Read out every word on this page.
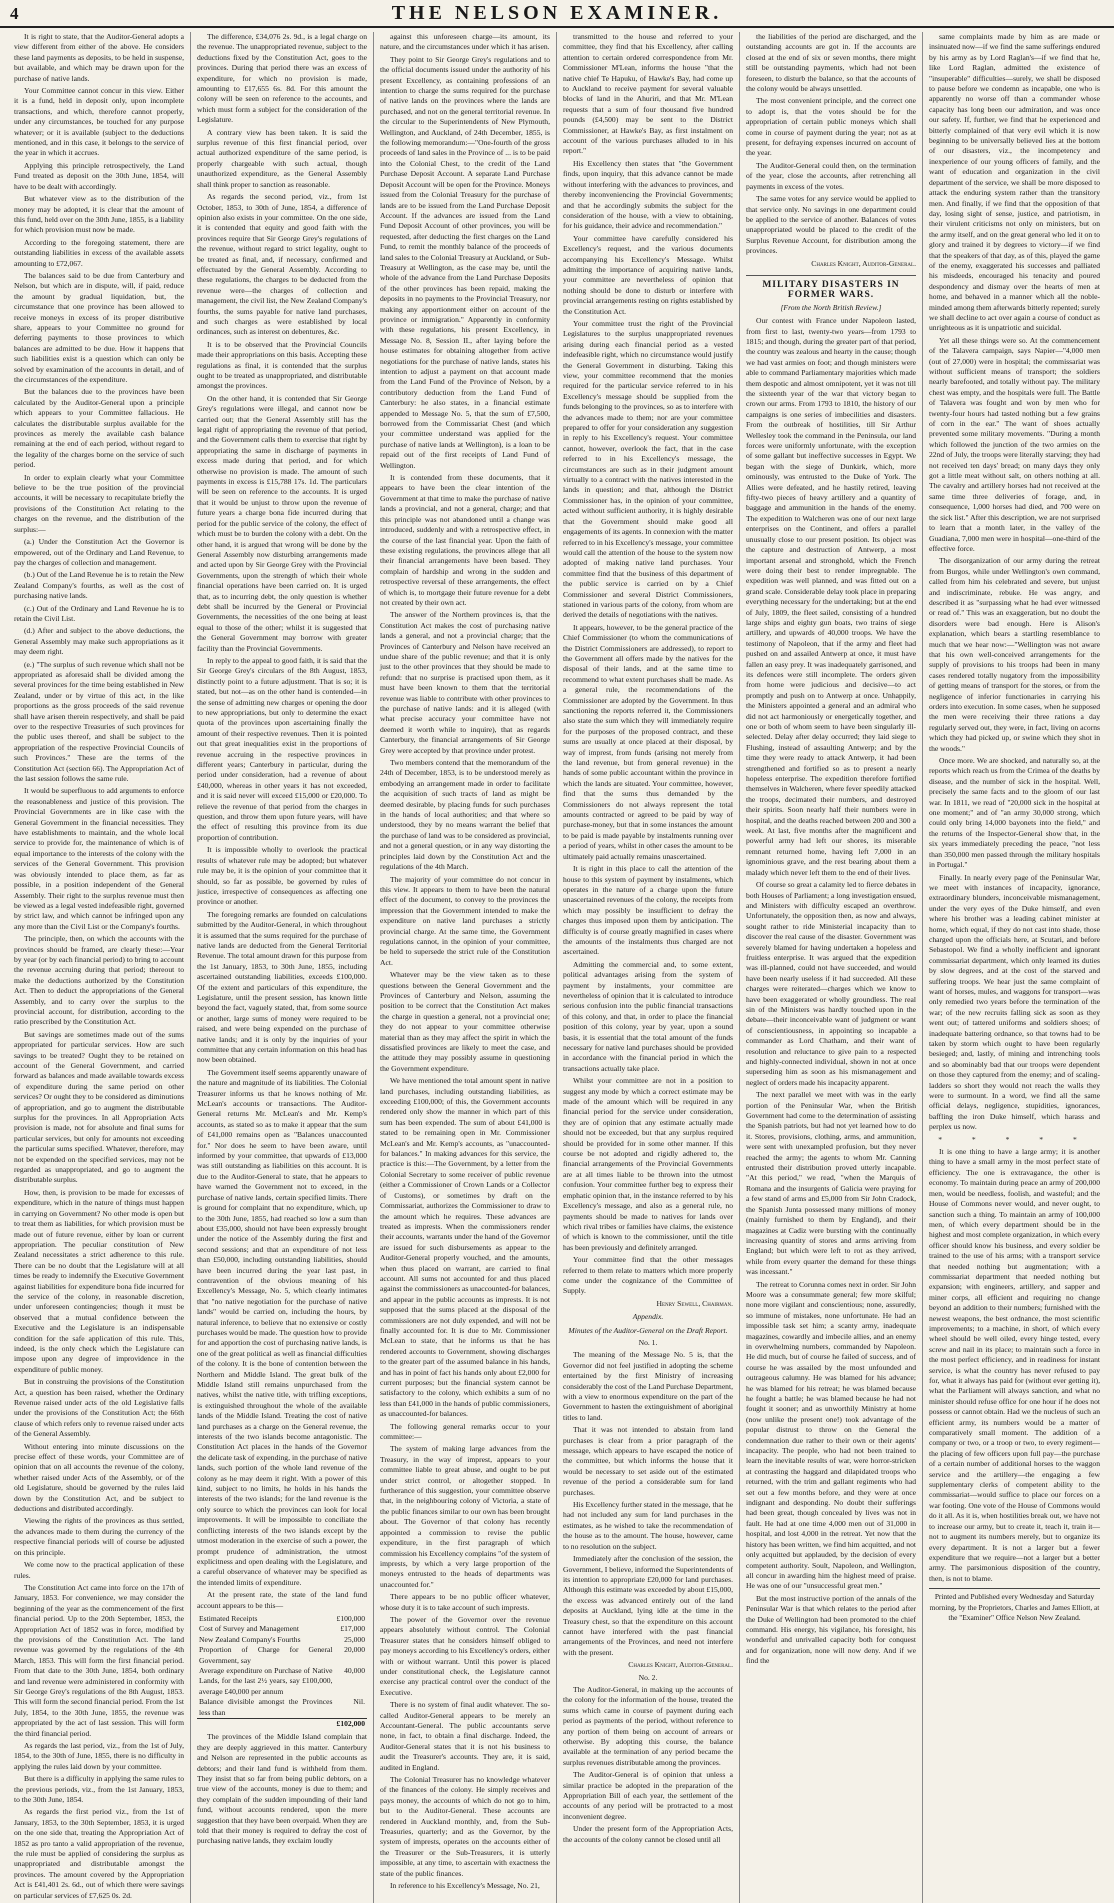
4	THE NELSON EXAMINER.

It is right to state, that the Auditor-General adopts a view different from either of the above. He considers these land payments as deposits, to be held in suspense, but available, and which may be drawn upon for the purchase of native lands.

Your Committee cannot concur in this view. Either it is a fund, held in deposit only, upon incomplete transactions, and which, therefore cannot properly, under any circumstances, be touched for any purpose whatever; or it is available (subject to the deductions mentioned, and in this case, it belongs to the service of the year in which it accrues.

Applying this principle retrospectively, the Land Fund treated as deposit on the 30th June, 1854, will have to be dealt with accordingly.

But whatever view as to the distribution of the money may be adopted, it is clear that the amount of this fund, held over on the 30th June, 1855, is a liability for which provision must now be made.

According to the foregoing statement, there are outstanding liabilities in excess of the available assets amounting to £72,067.

The balances said to be due from Canterbury and Nelson, but which are in dispute, will, if paid, reduce the amount by gradual liquidation, but, the circumstance that one province has been allowed to receive moneys in excess of its proper distributive share, appears to your Committee no ground for deferring payments to those provinces to which balances are admitted to be due. How it happens that such liabilities exist is a question which can only be solved by examination of the accounts in detail, and of the circumstances of the expenditure.

But the balances due to the provinces have been calculated by the Auditor-General upon a principle which appears to your Committee fallacious. He calculates the distributable surplus available for the provinces as merely the available cash balance remaining at the end of each period, without regard to the legality of the charges borne on the service of such period.

In order to explain clearly what your Committee believe to be the true position of the provincial accounts, it will be necessary to recapitulate briefly the provisions of the Constitution Act relating to the charges on the revenue, and the distribution of the surplus:—

(a.) Under the Constitution Act the Governor is empowered, out of the Ordinary and Land Revenue, to pay the charges of collection and management.

(b.) Out of the Land Revenue he is to retain the New Zealand Company's fourths, as well as the cost of purchasing native lands.

(c.) Out of the Ordinary and Land Revenue he is to retain the Civil List.

(d.) After and subject to the above deductions, the General Assembly may make such appropriations as it may deem right.

(e.) "The surplus of such revenue which shall not be appropriated as aforesaid shall be divided among the several provinces for the time being established in New Zealand, under or by virtue of this act, in the like proportions as the gross proceeds of the said revenue shall have arisen therein respectively, and shall be paid over to the respective Treasuries of such provinces for the public uses thereof, and shall be subject to the appropriation of the respective Provincial Councils of such Provinces." These are the terms of the Constitution Act (section 66). The Appropriation Act of the last session follows the same rule.

It would be superfluous to add arguments to enforce the reasonableness and justice of this provision. The Provincial Governments are in like case with the General Government in the financial necessities. They have establishments to maintain, and the whole local service to provide for, the maintenance of which is of equal importance to the interests of the colony with the services of the General Government. This provision was obviously intended to place them, as far as possible, in a position independent of the General Assembly. Their right to the surplus revenue must then be viewed as a legal vested indefeasible right, governed by strict law, and which cannot be infringed upon any any more than the Civil List or the Company's fourths.

The principle, then, on which the accounts with the provinces should be framed, are clearly these:—Year by year (or by each financial period) to bring to account the revenue accruing during that period; thereout to make the deductions authorized by the Constitution Act. Then to deduct the appropriations of the General Assembly, and to carry over the surplus to the provincial account, for distribution, according to the ratio prescribed by the Constitution Act.

But savings are sometimes made out of the sums appropriated for particular services. How are such savings to be treated? Ought they to be retained on account of the General Government, and carried forward as balances and made available towards excess of expenditure during the same period on other services? Or ought they to be considered as diminutions of appropriation, and go to augment the distributable surplus for the provinces. In all Appropriation Acts provision is made, not for absolute and final sums for particular services, but only for amounts not exceeding the particular sums specified. Whatever, therefore, may not be expended on the specified services, may not be regarded as unappropriated, and go to augment the distributable surplus.

How, then, is provision to be made for excesses of expenditure, which in the nature of things must happen in carrying on Government? No other mode is open but to treat them as liabilities, for which provision must be made out of future revenue, either by loan or current appropriation. The peculiar constitution of New Zealand necessitates a strict adherence to this rule. There can be no doubt that the Legislature will at all times be ready to indemnify the Executive Government against liabilities for expenditure bona fide incurred for the service of the colony, in reasonable discretion, under unforeseen contingencies; though it must be observed that a mutual confidence between the Executive and the Legislature is an indispensable condition for the safe application of this rule. This, indeed, is the only check which the Legislature can impose upon any degree of improvidence in the expenditure of public money.

But in construing the provisions of the Constitution Act, a question has been raised, whether the Ordinary Revenue raised under acts of the old Legislative falls under the provisions of the Constitution Act; the 66th clause of which refers only to revenue raised under acts of the General Assembly.

Without entering into minute discussions on the precise effect of these words, your Committee are of opinion that on all accounts the revenue of the colony, whether raised under Acts of the Assembly, or of the old Legislature, should be governed by the rules laid down by the Constitution Act, and be subject to deductions and distributed accordingly.

Viewing the rights of the provinces as thus settled, the advances made to them during the currency of the respective financial periods will of course be adjusted on this principle.

We come now to the practical application of these rules.

The Constitution Act came into force on the 17th of January, 1853. For convenience, we may consider the beginning of the year as the commencement of the first financial period. Up to the 20th September, 1853, the Appropriation Act of 1852 was in force, modified by the provisions of the Constitution Act. The land revenue was governed by the regulations of the 4th March, 1853. This will form the first financial period. From that date to the 30th June, 1854, both ordinary and land revenue were administered in conformity with Sir George Grey's regulations of the 8th August, 1853. This will form the second financial period. From the 1st July, 1854, to the 30th June, 1855, the revenue was appropriated by the act of last session. This will form the third financial period.

As regards the last period, viz., from the 1st of July, 1854, to the 30th of June, 1855, there is no difficulty in applying the rules laid down by your committee.

But there is a difficulty in applying the same rules to the previous periods, viz., from the 1st January, 1853, to the 30th June, 1854.

As regards the first period viz., from the 1st of January, 1853, to the 30th September, 1853, it is urged on the one side that, treating the Appropriation Act of 1852 as pro tanto a valid appropriation of the revenue, the rule must be applied of considering the surplus as unappropriated and distributable amongst the provinces. The amount covered by the Appropriation Act is £41,401 2s. 6d., out of which there were savings on particular services of £7,625 0s. 2d.

The difference, £34,076 2s. 9d., is a legal charge on the revenue. The unappropriated revenue, subject to the deductions fixed by the Constitution Act, goes to the provinces. During that period there was an excess of expenditure, for which no provision is made, amounting to £17,655 6s. 8d. For this amount the colony will be seen on reference to the accounts, and which must form a subject for the consideration of the Legislature.

A contrary view has been taken. It is said the surplus revenue of this first financial period, over actual authorized expenditure of the same period, is properly chargeable with such actual, though unauthorized expenditure, as the General Assembly shall think proper to sanction as reasonable.

As regards the second period, viz., from 1st October, 1853, to 30th of June, 1854, a difference of opinion also exists in your committee. On the one side, it is contended that equity and good faith with the provinces require that Sir George Grey's regulations of the revenue, without regard to strict legality, ought to be treated as final, and, if necessary, confirmed and effectuated by the General Assembly. According to these regulations, the charges to be deducted from the revenue were—the charges of collection and management, the civil list, the New Zealand Company's fourths, the sums payable for native land purchases, and such charges as were established by local ordinances, such as interest on debentures, &c.

It is to be observed that the Provincial Councils made their appropriations on this basis. Accepting these regulations as final, it is contended that the surplus ought to be treated as unappropriated, and distributable amongst the provinces.

On the other hand, it is contended that Sir George Grey's regulations were illegal, and cannot now be carried out; that the General Assembly still has the legal right of appropriating the revenue of that period, and the Government calls them to exercise that right by appropriating the same in discharge of payments in excess made during that period, and for which otherwise no provision is made. The amount of such payments in excess is £15,788 17s. 1d. The particulars will be seen on reference to the accounts. It is urged that it would be unjust to throw upon the revenue of future years a charge bona fide incurred during that period for the public service of the colony, the effect of which must be to burden the colony with a debt. On the other hand, it is argued that wrong will be done by the General Assembly now disturbing arrangements made and acted upon by Sir George Grey with the Provincial Governments, upon the strength of which their whole financial operations have been carried on. It is urged that, as to incurring debt, the only question is whether debt shall be incurred by the General or Provincial Governments, the necessities of the one being at least equal to those of the other; whilst it is suggested that the General Government may borrow with greater facility than the Provincial Governments.

In reply to the appeal to good faith, it is said that the Sir George Grey's circulars of the 8th August, 1853, distinctly point to a future adjustment. That is so; it is stated, but not—as on the other hand is contended—in the sense of admitting new charges or opening the door to new appropriations, but only to determine the exact quota of the provinces upon ascertaining finally the amount of their respective revenues. Then it is pointed out that great inequalities exist in the proportions of revenue accruing in the respective provinces in different years; Canterbury in particular, during the period under consideration, had a revenue of about £40,000, whereas in other years it has not exceeded, and it is said never will exceed £15,000 or £20,000. To relieve the revenue of that period from the charges in question, and throw them upon future years, will have the effect of resulting this province from its due proportion of contribution.

It is impossible wholly to overlook the practical results of whatever rule may be adopted; but whatever rule may be, it is the opinion of your committee that it should, so far as possible, be governed by rules of justice, irrespective of consequences as affecting one province or another.

The foregoing remarks are founded on calculations submitted by the Auditor-General, in which throughout it is assumed that the sums required for the purchase of native lands are deducted from the General Territorial Revenue. The total amount drawn for this purpose from the 1st January, 1853, to 30th June, 1855, including ascertained outstanding liabilities, exceeds £100,000. Of the extent and particulars of this expenditure, the Legislature, until the present session, has known little beyond the fact, vaguely stated, that, from some source or another, large sums of money were required to be raised, and were being expended on the purchase of native lands; and it is only by the inquiries of your committee that any certain information on this head has now been obtained.

The Government itself seems apparently unaware of the nature and magnitude of its liabilities. The Colonial Treasurer informs us that he knows nothing of Mr. McLean's accounts or transactions. The Auditor-General returns Mr. McLean's and Mr. Kemp's accounts, as stated so as to make it appear that the sum of £41,000 remains open as "Balances unaccounted for." Nor does he seem to have been aware, until informed by your committee, that upwards of £13,000 was still outstanding as liabilities on this account. It is due to the Auditor-General to state, that he appears to have warned the Government not to exceed, in the purchase of native lands, certain specified limits. There is ground for complaint that no expenditure, which, up to the 30th June, 1855, had reached so low a sum than about £35,000, should not have been expressly brought under the notice of the Assembly during the first and second sessions; and that an expenditure of not less than £50,000, including outstanding liabilities, should have been incurred during the year last past, in contravention of the obvious meaning of his Excellency's Message, No. 5, which clearly intimates that "no native negotiation for the purchase of native lands" would be carried on, including the hours, by natural inference, to believe that no extensive or costly purchases would be made. The question how to provide for and apportion the cost of purchasing native lands, is one of the great political as well as financial difficulties of the colony. It is the bone of contention between the Northern and Middle Island. The great bulk of the Middle Island still remains unpurchased from the natives, whilst the native title, with trifling exceptions, is extinguished throughout the whole of the available lands of the Middle Island. Treating the cost of native land purchases as a charge on the General revenue, the interests of the two islands become antagonistic. The Constitution Act places in the hands of the Governor the delicate task of expending, in the purchase of native lands, such portion of the whole land revenue of the colony as he may deem it right. With a power of this kind, subject to no limits, he holds in his hands the interests of the two islands; for the land revenue is the only source to which the provinces can look for local improvements. It will be impossible to conciliate the conflicting interests of the two islands except by the utmost moderation in the exercise of such a power, the prompt prudence of administration, the utmost explicitness and open dealing with the Legislature, and a careful observance of whatever may be specified as the intended limits of expenditure.

At the present rate, the state of the land fund account appears to be this—

Estimated Receipts	£100,000
Cost of Survey and Management	£17,000
New Zealand Company's Fourths	25,000
Proportion of Charge for General Government, say	20,000
Average expenditure on Purchase of Native Lands, for the last 2½ years, say £100,000, average £40,000 per annum	40,000
Balance divisible amongst the Provinces less than	Nil.
	£102,000

The provinces of the Middle Island complain that they are deeply aggrieved in this matter. Canterbury and Nelson are represented in the public accounts as debtors; and their land fund is withheld from them. They insist that so far from being public debtors, on a true view of the accounts, money is due to them; and they complain of the sudden impounding of their land fund, without accounts rendered, upon the mere suggestion that they have been overpaid. When they are told that their money is required to defray the cost of purchasing native lands, they exclaim loudly

against this unforeseen charge—its amount, its nature, and the circumstances under which it has arisen.

They point to Sir George Grey's regulations and to the official documents issued under the authority of his present Excellency, as containing professions of an intention to charge the sums required for the purchase of native lands on the provinces where the lands are purchased, and not on the general territorial revenue. In the circular to the Superintendents of New Plymouth, Wellington, and Auckland, of 24th December, 1855, is the following memorandum:—"One-fourth of the gross proceeds of land sales in the Province of ... is to be paid into the Colonial Chest, to the credit of the Land Purchase Deposit Account. A separate Land Purchase Deposit Account will be open for the Province. Moneys issued from the Colonial Treasury for the purchase of lands are to be issued from the Land Purchase Deposit Account. If the advances are issued from the Land Fund Deposit Account of other provinces, you will be requested, after deducting the first charges on the Land Fund, to remit the monthly balance of the proceeds of land sales to the Colonial Treasury at Auckland, or Sub-Treasury at Wellington, as the case may be, until the whole of the advance from the Land Purchase Deposits of the other provinces has been repaid, making the deposits in no payments to the Provincial Treasury, nor making any apportionment either on account of the province or immigration." Apparently in conformity with these regulations, his present Excellency, in Message No. 8, Session II., after laying before the house estimates for obtaining altogether from active negotiations for the purchase of native lands, states his intention to adjust a payment on that account made from the Land Fund of the Province of Nelson, by a contributory deduction from the Land Fund of Canterbury: he also states, in a financial estimate appended to Message No. 5, that the sum of £7,500, borrowed from the Commissariat Chest (and which your committee understand was applied for the purchase of native lands at Wellington), is a loan to be repaid out of the first receipts of Land Fund of Wellington.

It is contended from these documents, that it appears to have been the clear intention of the Government at that time to make the purchase of native lands a provincial, and not a general, charge; and that this principle was not abandoned until a change was introduced, suddenly and with a retrospective effect, in the course of the last financial year. Upon the faith of these existing regulations, the provinces allege that all their financial arrangements have been based. They complain of hardship and wrong in the sudden and retrospective reversal of these arrangements, the effect of which is, to mortgage their future revenue for a debt not created by their own act.

The answer of the Northern provinces is, that the Constitution Act makes the cost of purchasing native lands a general, and not a provincial charge; that the Provinces of Canterbury and Nelson have received an undue share of the public revenue; and that it is only just to the other provinces that they should be made to refund: that no surprise is practised upon them, as it must have been known to them that the territorial revenue was liable to contribute with other provinces to the purchase of native lands: and it is alleged (with what precise accuracy your committee have not deemed it worth while to inquire), that as regards Canterbury, the financial arrangements of Sir George Grey were accepted by that province under protest.

Two members contend that the memorandum of the 24th of December, 1853, is to be understood merely as embodying an arrangement made in order to facilitate the acquisition of such tracts of land as might be deemed desirable, by placing funds for such purchases in the hands of local authorities; and that where so understood, they by no means warrant the belief that the purchase of land was to be considered as provincial, and not a general question, or in any way distorting the principles laid down by the Constitution Act and the regulations of the 4th March.

The majority of your committee do not concur in this view. It appears to them to have been the natural effect of the document, to convey to the provinces the impression that the Government intended to make the expenditure on native land purchases a strictly provincial charge. At the same time, the Government regulations cannot, in the opinion of your committee, be held to supersede the strict rule of the Constitution Act.

Whatever may be the view taken as to these questions between the General Government and the Provinces of Canterbury and Nelson, assuming the position to be correct that the Constitution Act makes the charge in question a general, not a provincial one; they do not appear to your committee otherwise material than as they may affect the spirit in which the dissatisfied provinces are likely to meet the case, and the attitude they may possibly assume in questioning the Government expenditure.

We have mentioned the total amount spent in native land purchases, including outstanding liabilities, as exceeding £100,000; of this, the Government accounts rendered only show the manner in which part of this sum has been expended. The sum of about £41,000 is stated to be remaining open in Mr. Commissioner McLean's and Mr. Kemp's accounts, as "unaccounted-for balances." In making advances for this service, the practice is this:—The Government, by a letter from the Colonial Secretary to some receiver of public revenue (either a Commissioner of Crown Lands or a Collector of Customs), or sometimes by draft on the Commissariat, authorizes the Commissioner to draw to the amount which he requires. These advances are treated as imprests. When the commissioners render their accounts, warrants under the hand of the Governor are issued for such disbursements as appear to the Auditor-General properly vouched, and the amounts, when thus placed on warrant, are carried to final account. All sums not accounted for and thus placed against the commissioners as unaccounted-for balances, and appear in the public accounts as imprests. It is not supposed that the sums placed at the disposal of the commissioners are not duly expended, and will not be finally accounted for. It is due to Mr. Commissioner McLean to state, that he informs us that he has rendered accounts to Government, showing discharges to the greater part of the assumed balance in his hands, and has in point of fact his hands only about £2,000 for current purposes; but the financial system cannot be satisfactory to the colony, which exhibits a sum of no less than £41,000 in the hands of public commissioners, as unaccounted-for balances.

The following general remarks occur to your committee:—

The system of making large advances from the Treasury, in the way of imprest, appears to your committee liable to great abuse, and ought to be put under strict control, or altogether stopped. In furtherance of this suggestion, your committee observe that, in the neighbouring colony of Victoria, a state of the public finances similar to our own has been brought about. The Governor of that colony has recently appointed a commission to revise the public expenditure, in the first paragraph of which commission his Excellency complains "of the system of imprests, by which a very large proportion of the moneys entrusted to the heads of departments was unaccounted for."

There appears to be no public officer whatever, whose duty it is to take account of such imprests.

The power of the Governor over the revenue appears absolutely without control. The Colonial Treasurer states that he considers himself obliged to pay moneys according to his Excellency's orders, either with or without warrant. Until this power is placed under constitutional check, the Legislature cannot exercise any practical control over the conduct of the Executive.

There is no system of final audit whatever. The so-called Auditor-General appears to be merely an Accountant-General. The public accountants serve none, in fact, to obtain a final discharge. Indeed, the Auditor-General states that it is not his business to audit the Treasurer's accounts. They are, it is said, audited in England.

The Colonial Treasurer has no knowledge whatever of the finances of the colony. He simply receives and pays money, the accounts of which do not go to him, but to the Auditor-General. These accounts are rendered in Auckland monthly, and, from the Sub-Treasuries, quarterly; and as the Governor, by the system of imprests, operates on the accounts either of the Treasurer or the Sub-Treasurers, it is utterly impossible, at any time, to ascertain with exactness the state of the public finances.

In reference to his Excellency's Message, No. 21,

transmitted to the house and referred to your committee, they find that his Excellency, after calling attention to certain ordered correspondence from Mr. Commissioner M'Lean, informs the house "that the native chief Te Hapuku, of Hawke's Bay, had come up to Auckland to receive payment for several valuable blocks of land in the Ahuriri, and that Mr. M'Lean requests that a sum of four thousand five hundred pounds (£4,500) may be sent to the District Commissioner, at Hawke's Bay, as first instalment on account of the various purchases alluded to in his report."

His Excellency then states that "the Government finds, upon inquiry, that this advance cannot be made without interfering with the advances to provinces, and thereby inconveniencing the Provincial Governments; and that he accordingly submits the subject for the consideration of the house, with a view to obtaining, for his guidance, their advice and recommendation."

Your committee have carefully considered his Excellency's request, and the various documents accompanying his Excellency's Message. Whilst admitting the importance of acquiring native lands, your committee are nevertheless of opinion that nothing should be done to disturb or interfere with provincial arrangements resting on rights established by the Constitution Act.

Your committee trust the right of the Provincial Legislatures to the surplus unappropriated revenues arising during each financial period as a vested indefeasible right, which no circumstance would justify the General Government in disturbing. Taking this view, your committee recommend that the monies required for the particular service referred to in his Excellency's message should be supplied from the funds belonging to the provinces, so as to interfere with the advances made to them; nor are your committee prepared to offer for your consideration any suggestion in reply to his Excellency's request. Your committee cannot, however, overlook the fact, that in the case referred to in his Excellency's message, the circumstances are such as in their judgment amount virtually to a contract with the natives interested in the lands in question; and that, although the District Commissioner has, in the opinion of your committee, acted without sufficient authority, it is highly desirable that the Government should make good all engagements of its agents. In connexion with the matter referred to in his Excellency's message, your committee would call the attention of the house to the system now adopted of making native land purchases. Your committee find that the business of this department of the public service is carried on by a Chief Commissioner and several District Commissioners, stationed in various parts of the colony, from whom are derived the details of negotiations with the natives.

It appears, however, to be the general practice of the Chief Commissioner (to whom the communications of the District Commissioners are addressed), to report to the Government all offers made by the natives for the disposal of their lands, and at the same time to recommend to what extent purchases shall be made. As a general rule, the recommendations of the Commissioner are adopted by the Government. In thus sanctioning the reports referred it, the Commissioners also state the sum which they will immediately require for the purposes of the proposed contract, and these sums are usually at once placed at their disposal, by way of imprest, from funds (arising not merely from the land revenue, but from general revenue) in the hands of some public accountant within the province in which the lands are situated. Your committee, however, find that the sums thus demanded by the Commissioners do not always represent the total amounts contracted or agreed to be paid by way of purchase-money, but that in some instances the amount to be paid is made payable by instalments running over a period of years, whilst in other cases the amount to be ultimately paid actually remains unascertained.

It is right in this place to call the attention of the house to this system of payment by instalments, which operates in the nature of a charge upon the future unascertained revenues of the colony, the receipts from which may possibly be insufficient to defray the charges thus imposed upon them by anticipation. The difficulty is of course greatly magnified in cases where the amounts of the instalments thus charged are not ascertained.

Admitting the commercial and, to some extent, political advantages arising from the system of payment by instalments, your committee are nevertheless of opinion that it is calculated to introduce serious confusion into the public financial transactions of this colony, and that, in order to place the financial position of this colony, year by year, upon a sound basis, it is essential that the total amount of the funds necessary for native land purchases should be provided in accordance with the financial period in which the transactions actually take place.

Whilst your committee are not in a position to suggest any mode by which a correct estimate may be made of the amount which will be required in any financial period for the service under consideration, they are of opinion that any estimate actually made should not be exceeded, but that any surplus required should be provided for in some other manner. If this course be not adopted and rigidly adhered to, the financial arrangements of the Provincial Governments are at all times liable to be thrown into the utmost confusion. Your committee further beg to express their emphatic opinion that, in the instance referred to by his Excellency's message, and also as a general rule, no payments should be made to natives for lands over which rival tribes or families have claims, the existence of which is known to the commissioner, until the title has been previously and definitely arranged.

Your committee find that the other messages referred to them relate to matters which more properly come under the cognizance of the Committee of Supply.

Henry Sewell, Chairman.

Appendix.
Minutes of the Auditor-General on the Draft Report.
No. 1.

The meaning of the Message No. 5 is, that the Governor did not feel justified in adopting the scheme entertained by the first Ministry of increasing considerably the cost of the Land Purchase Department, with a view to enormous expenditure on the part of the Government to hasten the extinguishment of aboriginal titles to land.

That it was not intended to abstain from land purchases is clear from a prior paragraph of the message, which appears to have escaped the notice of the committee, but which informs the house that it would be necessary to set aside out of the estimated revenue of the period a considerable sum for land purchases.

His Excellency further stated in the message, that he had not included any sum for land purchases in the estimates, as he wished to take the recommendation of the house as to the amount. The house, however, came to no resolution on the subject.

Immediately after the conclusion of the session, the Government, I believe, informed the Superintendents of its intention to appropriate £20,000 for land purchases. Although this estimate was exceeded by about £15,000, the excess was advanced entirely out of the land deposits at Auckland, lying idle at the time in the Treasury chest, so that the expenditure on this account cannot have interfered with the past financial arrangements of the Provinces, and need not interfere with the present.

Charles Knight, Auditor-General.

No. 2.

The Auditor-General, in making up the accounts of the colony for the information of the house, treated the sums which came in course of payment during each period as payments of the period, without reference to any portion of them being on account of arrears or otherwise. By adopting this course, the balance available at the termination of any period became the surplus revenues distributable among the provinces.

The Auditor-General is of opinion that unless a similar practice be adopted in the preparation of the Appropriation Bill of each year, the settlement of the accounts of any period will be protracted to a most inconvenient degree.

Under the present form of the Appropriation Acts, the accounts of the colony cannot be closed until all

the liabilities of the period are discharged, and the outstanding accounts are got in. If the accounts are closed at the end of six or seven months, there might still be outstanding payments, which had not been foreseen, to disturb the balance, so that the accounts of the colony would be always unsettled.

The most convenient principle, and the correct one to adopt is, that the votes should be for the appropriation of certain public moneys which shall come in course of payment during the year; not as at present, for defraying expenses incurred on account of the year.

The Auditor-General could then, on the termination of the year, close the accounts, after retrenching all payments in excess of the votes.

The same votes for any service would be applied to that service only. No savings in one department could be applied to the service of another. Balances of votes unappropriated would be placed to the credit of the Surplus Revenue Account, for distribution among the provinces.

Charles Knight, Auditor-General.

MILITARY DISASTERS IN FORMER WARS.
[From the North British Review.]

Our contest with France under Napoleon lasted, from first to last, twenty-two years—from 1793 to 1815; and though, during the greater part of that period, the country was zealous and hearty in the cause; though we had vast armies on foot; and though ministers were able to command Parliamentary majorities which made them despotic and almost omnipotent, yet it was not till the sixteenth year of the war that victory began to crown our arms. From 1793 to 1810, the history of our campaigns is one series of imbecilities and disasters. From the outbreak of hostilities, till Sir Arthur Wellesley took the command in the Peninsula, our land forces were uniformly unfortunate, with the exception of some gallant but ineffective successes in Egypt. We began with the siege of Dunkirk, which, more ominously, was entrusted to the Duke of York. The Allies were defeated, and he hastily retired, leaving fifty-two pieces of heavy artillery and a quantity of baggage and ammunition in the hands of the enemy. The expedition to Walcheren was one of our next large enterprises on the Continent, and offers a parallel unusually close to our present position. Its object was the capture and destruction of Antwerp, a most important arsenal and stronghold, which the French were doing their best to render impregnable. The expedition was well planned, and was fitted out on a grand scale. Considerable delay took place in preparing everything necessary for the undertaking; but at the end of July, 1809, the fleet sailed, consisting of a hundred large ships and eighty gun boats, two trains of siege artillery, and upwards of 40,000 troops. We have the testimony of Napoleon, that if the army and fleet had pushed on and assailed Antwerp at once, it must have fallen an easy prey. It was inadequately garrisoned, and its defences were still incomplete. The orders given from home were judicious and decisive—to act promptly and push on to Antwerp at once. Unhappily, the Ministers appointed a general and an admiral who did not act harmoniously or energetically together, and one or both of whom seem to have been singularly ill-selected. Delay after delay occurred; they laid siege to Flushing, instead of assaulting Antwerp; and by the time they were ready to attack Antwerp, it had been strengthened and fortified so as to present a nearly hopeless enterprise. The expedition therefore fortified themselves in Walcheren, where fever speedily attacked the troops, decimated their numbers, and destroyed their spirits. Soon nearly half their numbers were in hospital, and the deaths reached between 200 and 300 a week. At last, five months after the magnificent and powerful army had left our shores, its miserable remnant returned home, having left 7,000 in an ignominious grave, and the rest bearing about them a malady which never left them to the end of their lives.

Of course so great a calamity led to fierce debates in both Houses of Parliament; a long investigation ensued, and Ministers with difficulty escaped an overthrow. Unfortunately, the opposition then, as now and always, sought rather to ride Ministerial incapacity than to discover the real cause of the disaster. Government was severely blamed for having undertaken a hopeless and fruitless enterprise. It was argued that the expedition was ill-planned, could not have succeeded, and would have been nearly useless if it had succeeded. All these charges were reiterated—charges which we know to have been exaggerated or wholly groundless. The real sin of the Ministers was hardly touched upon in the debate—their inconceivable want of judgment or want of conscientiousness, in appointing so incapable a commander as Lord Chatham, and their want of resolution and reluctance to give pain to a respected and highly-connected individual, shown in not at once superseding him as soon as his mismanagement and neglect of orders made his incapacity apparent.

The next parallel we meet with was in the early portion of the Peninsular War, when the British Government had come to the determination of assisting the Spanish patriots, but had not yet learned how to do it. Stores, provisions, clothing, arms, and ammunition, were sent with unexampled profusion, but they never reached the army; the agents to whom Mr. Canning entrusted their distribution proved utterly incapable. "At this period," we read, "when the Marquis of Romana and the insurgents of Galicia were praying for a few stand of arms and £5,000 from Sir John Cradock, the Spanish Junta possessed many millions of money (mainly furnished to them by England), and their magazines at Cadiz were bursting with the continually increasing quantity of stores and arms arriving from England; but which were left to rot as they arrived, while from every quarter the demand for these things was incessant."

The retreat to Corunna comes next in order. Sir John Moore was a consummate general; few more skilful; none more vigilant and conscientious; none, assuredly, so immune of mistakes, none unfortunate. He had an impossible task set him; a scanty army, inadequate magazines, cowardly and imbecile allies, and an enemy in overwhelming numbers, commanded by Napoleon. He did much, but of course he failed of success, and of course he was assailed by the most unfounded and outrageous calumny. He was blamed for his advance; he was blamed for his retreat; he was blamed because he fought a battle; he was blamed because he had not fought it sooner; and as unworthily Ministry at home (now unlike the present one!) took advantage of the popular distrust to throw on the General the condemnation due rather to their own or their agents' incapacity. The people, who had not been trained to learn the inevitable results of war, were horror-stricken at contrasting the haggard and dilapidated troops who returned, with the trim and gallant regiments who had set out a few months before, and they were at once indignant and desponding. No doubt their sufferings had been great, though concealed by lives was not in fault. He had at one time 4,000 men out of 31,000 in hospital, and lost 4,000 in the retreat. Yet now that the history has been written, we find him acquitted, and not only acquitted but applauded, by the decision of every competent authority. Soult, Napoleon, and Wellington, all concur in awarding him the highest meed of praise. He was one of our "unsuccessful great men."

But the most instructive portion of the annals of the Peninsular War is that which relates to the period after the Duke of Wellington had been promoted to the chief command. His energy, his vigilance, his foresight, his wonderful and unrivalled capacity both for conquest and for organization, none will now deny. And if we find the

same complaints made by him as are made or insinuated now—if we find the same sufferings endured by his army as by Lord Raglan's—if we find that he, like Lord Raglan, admitted the existence of "insuperable" difficulties—surely, we shall be disposed to pause before we condemn as incapable, one who is apparently no worse off than a commander whose capacity has long been our admiration, and was once our safety. If, further, we find that he experienced and bitterly complained of that very evil which it is now beginning to be universally believed lies at the bottom of our disasters, viz., the incompetency and inexperience of our young officers of family, and the want of education and organization in the civil department of the service, we shall be more disposed to attack the enduring system rather than the transitory men. And finally, if we find that the opposition of that day, losing sight of sense, justice, and patriotism, in their virulent criticisms not only on ministers, but on the army itself, and on the great general who led it on to glory and trained it by degrees to victory—if we find that the speakers of that day, as of this, played the game of the enemy, exaggerated his successes and palliated his misdeeds, encouraged his tenacity and poured despondency and dismay over the hearts of men at home, and behaved in a manner which all the noble-minded among them afterwards bitterly repented; surely we shall decline to act over again a course of conduct as unrighteous as it is unpatriotic and suicidal.

Yet all these things were so. At the commencement of the Talavera campaign, says Napier—"4,000 men (out of 27,000) were in hospital; the commissariat was without sufficient means of transport; the soldiers nearly barefooted, and totally without pay. The military chest was empty, and the hospitals were full. The Battle of Talavera was fought and won by men who for twenty-four hours had tasted nothing but a few grains of corn in the ear." The want of shoes actually prevented some military movements. "During a month which followed the junction of the two armies on the 22nd of July, the troops were literally starving; they had not received ten days' bread; on many days they only got a little meat without salt, on others nothing at all. The cavalry and artillery horses had not received at the same time three deliveries of forage, and, in consequence, 1,000 horses had died, and 700 were on the sick list." After this description, we are not surprised to learn that a month later, in the valley of the Guadiana, 7,000 men were in hospital—one-third of the effective force.

The disorganization of our army during the retreat from Burgos, while under Wellington's own command, called from him his celebrated and severe, but unjust and indiscriminate, rebuke. He was angry, and described it as "surpassing what he had ever witnessed or read of." This was an exaggeration, but no doubt the disorders were bad enough. Here is Alison's explanation, which bears a startling resemblance to much that we hear now:—"Wellington was not aware that his own well-conceived arrangements for the supply of provisions to his troops had been in many cases rendered totally nugatory from the impossibility of getting means of transport for the stores, or from the negligence of inferior functionaries in carrying his orders into execution. In some cases, when he supposed the men were receiving their three rations a day regularly served out, they were, in fact, living on acorns which they had picked up, or swine which they shot in the woods."

Once more. We are shocked, and naturally so, at the reports which reach us from the Crimea of the deaths by disease, and the number of sick in the hospital. Well, precisely the same facts and to the gloom of our last war. In 1811, we read of "20,000 sick in the hospital at one moment;" and of "an army 30,000 strong, which could only bring 14,000 bayonets into the field," and the returns of the Inspector-General show that, in the six years immediately preceding the peace, "not less than 350,000 men passed through the military hospitals in Portugal."

Finally. In nearly every page of the Peninsular War, we meet with instances of incapacity, ignorance, extraordinary blunders, inconceivable mismanagement, under the very eyes of the Duke himself, and even where his brother was a leading cabinet minister at home, which equal, if they do not cast into shade, those charged upon the officials here, at Scutari, and before Sebastopol. We find a wholly inefficient and ignorant commissariat department, which only learned its duties by slow degrees, and at the cost of the starved and suffering troops. We hear just the same complaint of want of horses, mules, and waggons for transport—was only remedied two years before the termination of the war; of the new recruits falling sick as soon as they went out; of tattered uniforms and soldiers shoes; of inadequate battering ordnance, so that towns had to be taken by storm which ought to have been regularly besieged; and, lastly, of mining and intrenching tools and so abominably bad that our troops were dependent on those they captured from the enemy; and of scaling-ladders so short they would not reach the walls they were to surmount. In a word, we find all the same official delays, negligence, stupidities, ignorances, baffling the iron Duke himself, which harass and perplex us now.

* * * * *

It is one thing to have a large army; it is another thing to have a small army in the most perfect state of efficiency. The one is extravagance, the other is economy. To maintain during peace an army of 200,000 men, would be needless, foolish, and wasteful; and the House of Commons never would, and never ought, to sanction such a thing. To maintain an army of 100,000 men, of which every department should be in the highest and most complete organization, in which every officer should know his business, and every soldier be trained to the use of his arms; with a transport service that needed nothing but augmentation; with a commissariat department that needed nothing but expansion; with engineers, artillery, and sapper and miner corps, all efficient and requiring no change beyond an addition to their numbers; furnished with the newest weapons, the best ordnance, the most scientific improvements; to a machine, in short, of which every wheel should be well oiled, every hinge tested, every screw and nail in its place; to maintain such a force in the most perfect efficiency, and in readiness for instant service, is what the country has never refused to pay for, what it always has paid for (without ever getting it), what the Parliament will always sanction, and what no minister should refuse office for one hour if he does not possess or cannot obtain. Had we the nucleus of such an efficient army, its numbers would be a matter of comparatively small moment. The addition of a company or two, or a troop or two, to every regiment—the placing of few officers upon full pay—the purchase of a certain number of additional horses to the waggon service and the artillery—the engaging a few supplementary clerks of competent ability to the commissariat—would suffice to place our forces on a war footing. One vote of the House of Commons would do it all. As it is, when hostilities break out, we have not to increase our army, but to create it, teach it, train it—not to augment its numbers merely, but to organize its every department. It is not a larger but a fewer expenditure that we require—not a larger but a better army. The parsimonious disposition of the country, then, is not to blame.

Printed and Published every Wednesday and Saturday morning, by the Proprietors, Charles and James Elliott, at the "Examiner" Office Nelson New Zealand.
